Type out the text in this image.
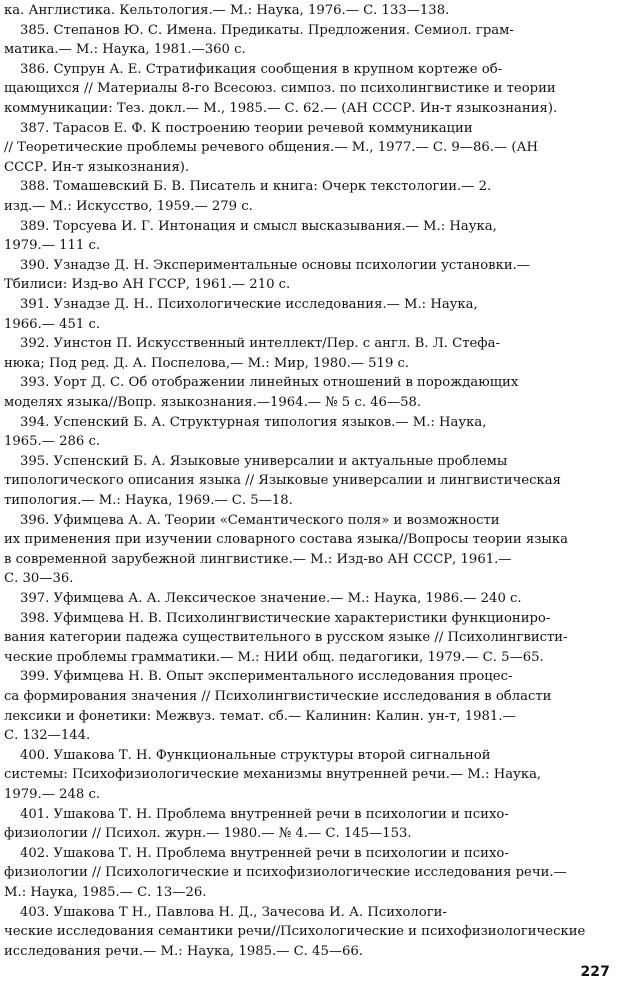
ка. Англистика. Кельтология.— М.: Наука, 1976.— С. 133—138.
385. Степанов Ю. С. Имена. Предикаты. Предложения. Семиол. грам-
матика.— М.: Наука, 1981.—360 с.
386. Супрун А. Е. Стратификация сообщения в крупном кортеже об-
щающихся // Материалы 8-го Всесоюз. симпоз. по психолингвистике и теории
коммуникации: Тез. докл.— М., 1985.— С. 62.— (АН СССР. Ин-т языкознания).
387. Тарасов Е. Ф. К построению теории речевой коммуникации
// Теоретические проблемы речевого общения.— М., 1977.— С. 9—86.— (АН
СССР. Ин-т языкознания).
388. Томашевский Б. В. Писатель и книга: Очерк текстологии.— 2.
изд.— М.: Искусство, 1959.— 279 с.
389. Торсуева И. Г. Интонация и смысл высказывания.— М.: Наука,
1979.— 111 с.
390. Узнадзе Д. Н. Экспериментальные основы психологии установки.—
Тбилиси: Изд-во АН ГССР, 1961.— 210 с.
391. Узнадзе Д. Н.. Психологические исследования.— М.: Наука,
1966.— 451 с.
392. Уинстон П. Искусственный интеллект/Пер. с англ. В. Л. Стефа-
нюка; Под ред. Д. А. Поспелова,— М.: Мир, 1980.— 519 с.
393. Уорт Д. С. Об отображении линейных отношений в порождающих
моделях языка//Вопр. языкознания.—1964.— № 5 с. 46—58.
394. Успенский Б. А. Структурная типология языков.— М.: Наука,
1965.— 286 с.
395. Успенский Б. А. Языковые универсалии и актуальные проблемы
типологического описания языка // Языковые универсалии и лингвистическая
типология.— М.: Наука, 1969.— С. 5—18.
396. Уфимцева А. А. Теории «Семантического поля» и возможности
их применения при изучении словарного состава языка//Вопросы теории языка
в современной зарубежной лингвистике.— М.: Изд-во АН СССР, 1961.—
С. 30—36.
397. Уфимцева А. А. Лексическое значение.— М.: Наука, 1986.— 240 с.
398. Уфимцева Н. В. Психолингвистические характеристики функциониро-
вания категории падежа существительного в русском языке // Психолингвисти-
ческие проблемы грамматики.— М.: НИИ общ. педагогики, 1979.— С. 5—65.
399. Уфимцева Н. В. Опыт экспериментального исследования процес-
са формирования значения // Психолингвистические исследования в области
лексики и фонетики: Межвуз. темат. сб.— Калинин: Калин. ун-т, 1981.—
С. 132—144.
400. Ушакова Т. Н. Функциональные структуры второй сигнальной
системы: Психофизиологические механизмы внутренней речи.— М.: Наука,
1979.— 248 с.
401. Ушакова Т. Н. Проблема внутренней речи в психологии и психо-
физиологии // Психол. журн.— 1980.— № 4.— С. 145—153.
402. Ушакова Т. Н. Проблема внутренней речи в психологии и психо-
физиологии // Психологические и психофизиологические исследования речи.—
М.: Наука, 1985.— С. 13—26.
403. Ушакова Т Н., Павлова Н. Д., Зачесова И. А. Психологи-
ческие исследования семантики речи//Психологические и психофизиологические
исследования речи.— М.: Наука, 1985.— С. 45—66.
227
